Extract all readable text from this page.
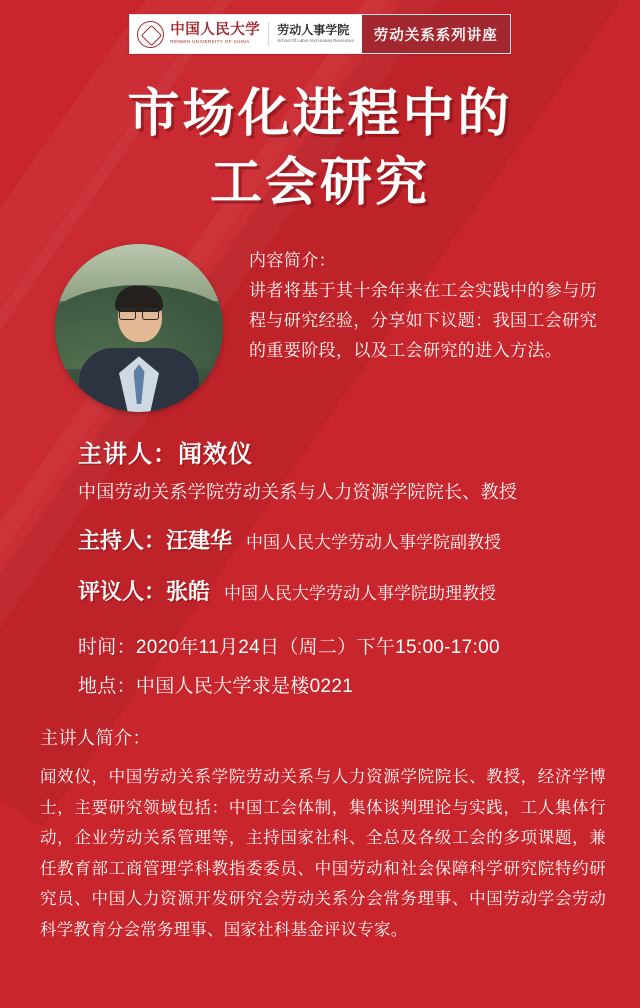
中国人民大学
RENMIN UNIVERSITY OF CHINA
劳动人事学院
School Of Labor And Human Resources	劳动关系系列讲座
市场化进程中的
工会研究
内容简介：
讲者将基于其十余年来在工会实践中的参与历程与研究经验，分享如下议题：我国工会研究的重要阶段，以及工会研究的进入方法。
主讲人：闻效仪
中国劳动关系学院劳动关系与人力资源学院院长、教授
主持人：汪建华 中国人民大学劳动人事学院副教授
评议人：张皓 中国人民大学劳动人事学院助理教授
时间：2020年11月24日（周二）下午15:00-17:00
地点：中国人民大学求是楼0221
主讲人简介：
闻效仪，中国劳动关系学院劳动关系与人力资源学院院长、教授，经济学博士，主要研究领域包括：中国工会体制，集体谈判理论与实践，工人集体行动，企业劳动关系管理等，主持国家社科、全总及各级工会的多项课题，兼任教育部工商管理学科教指委委员、中国劳动和社会保障科学研究院特约研究员、中国人力资源开发研究会劳动关系分会常务理事、中国劳动学会劳动科学教育分会常务理事、国家社科基金评议专家。
